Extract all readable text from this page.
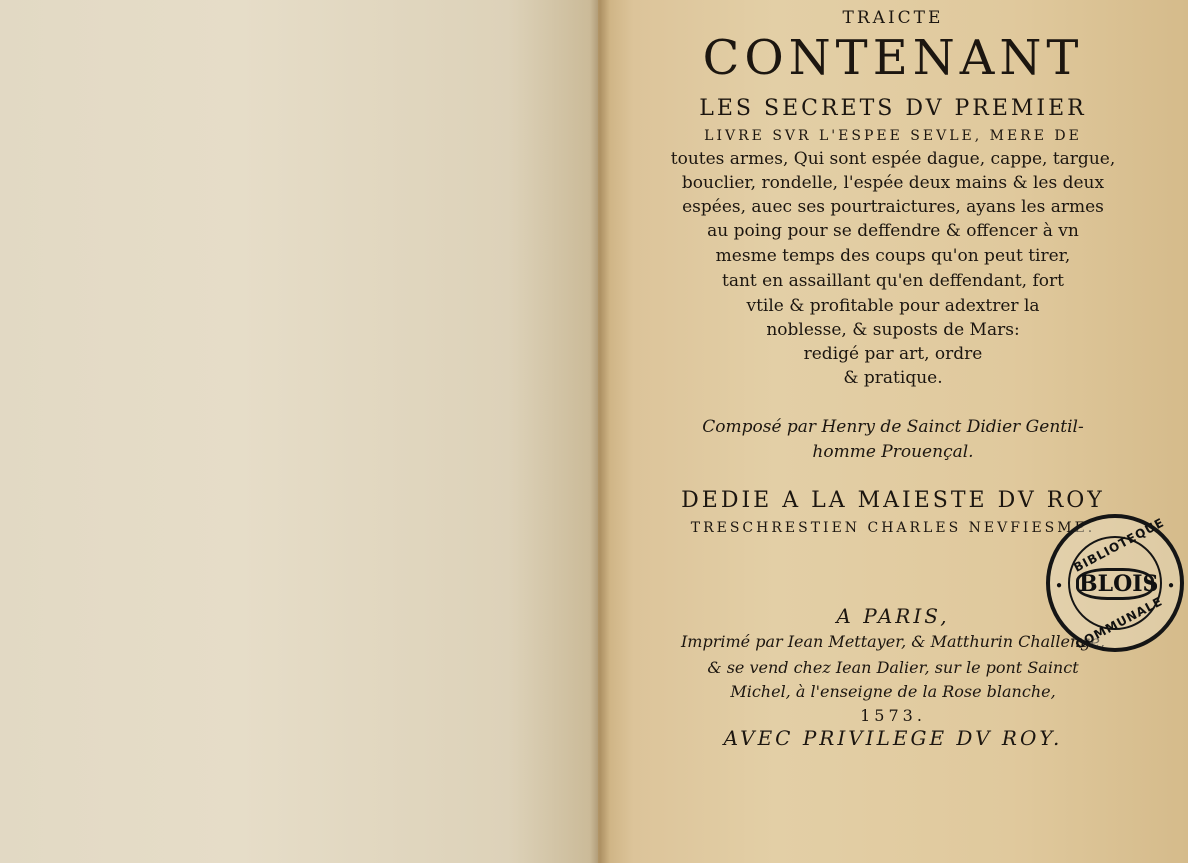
TRAICTE
CONTENANT
LES SECRETS DV PREMIER
LIVRE SVR L'ESPEE SEVLE, MERE DE
toutes armes, Qui sont espée dague, cappe, targue,
bouclier, rondelle, l'espée deux mains & les deux
espées, auec ses pourtraictures, ayans les armes
au poing pour se deffendre & offencer à vn
mesme temps des coups qu'on peut tirer,
tant en assaillant qu'en deffendant, fort
vtile & profitable pour adextrer la
noblesse, & suposts de Mars:
redigé par art, ordre
& pratique.
Composé par Henry de Sainct Didier Gentil-
homme Prouençal.
DEDIE A LA MAIESTE DV ROY
TRESCHRESTIEN CHARLES NEVFIESME.
A PARIS,
Imprimé par Iean Mettayer, & Matthurin Challenge,
& se vend chez Iean Dalier, sur le pont Sainct
Michel, à l'enseigne de la Rose blanche,
1573.
AVEC PRIVILEGE DV ROY.
BIBLIOTEQUE
●	●
BLOIS
COMMUNALE
